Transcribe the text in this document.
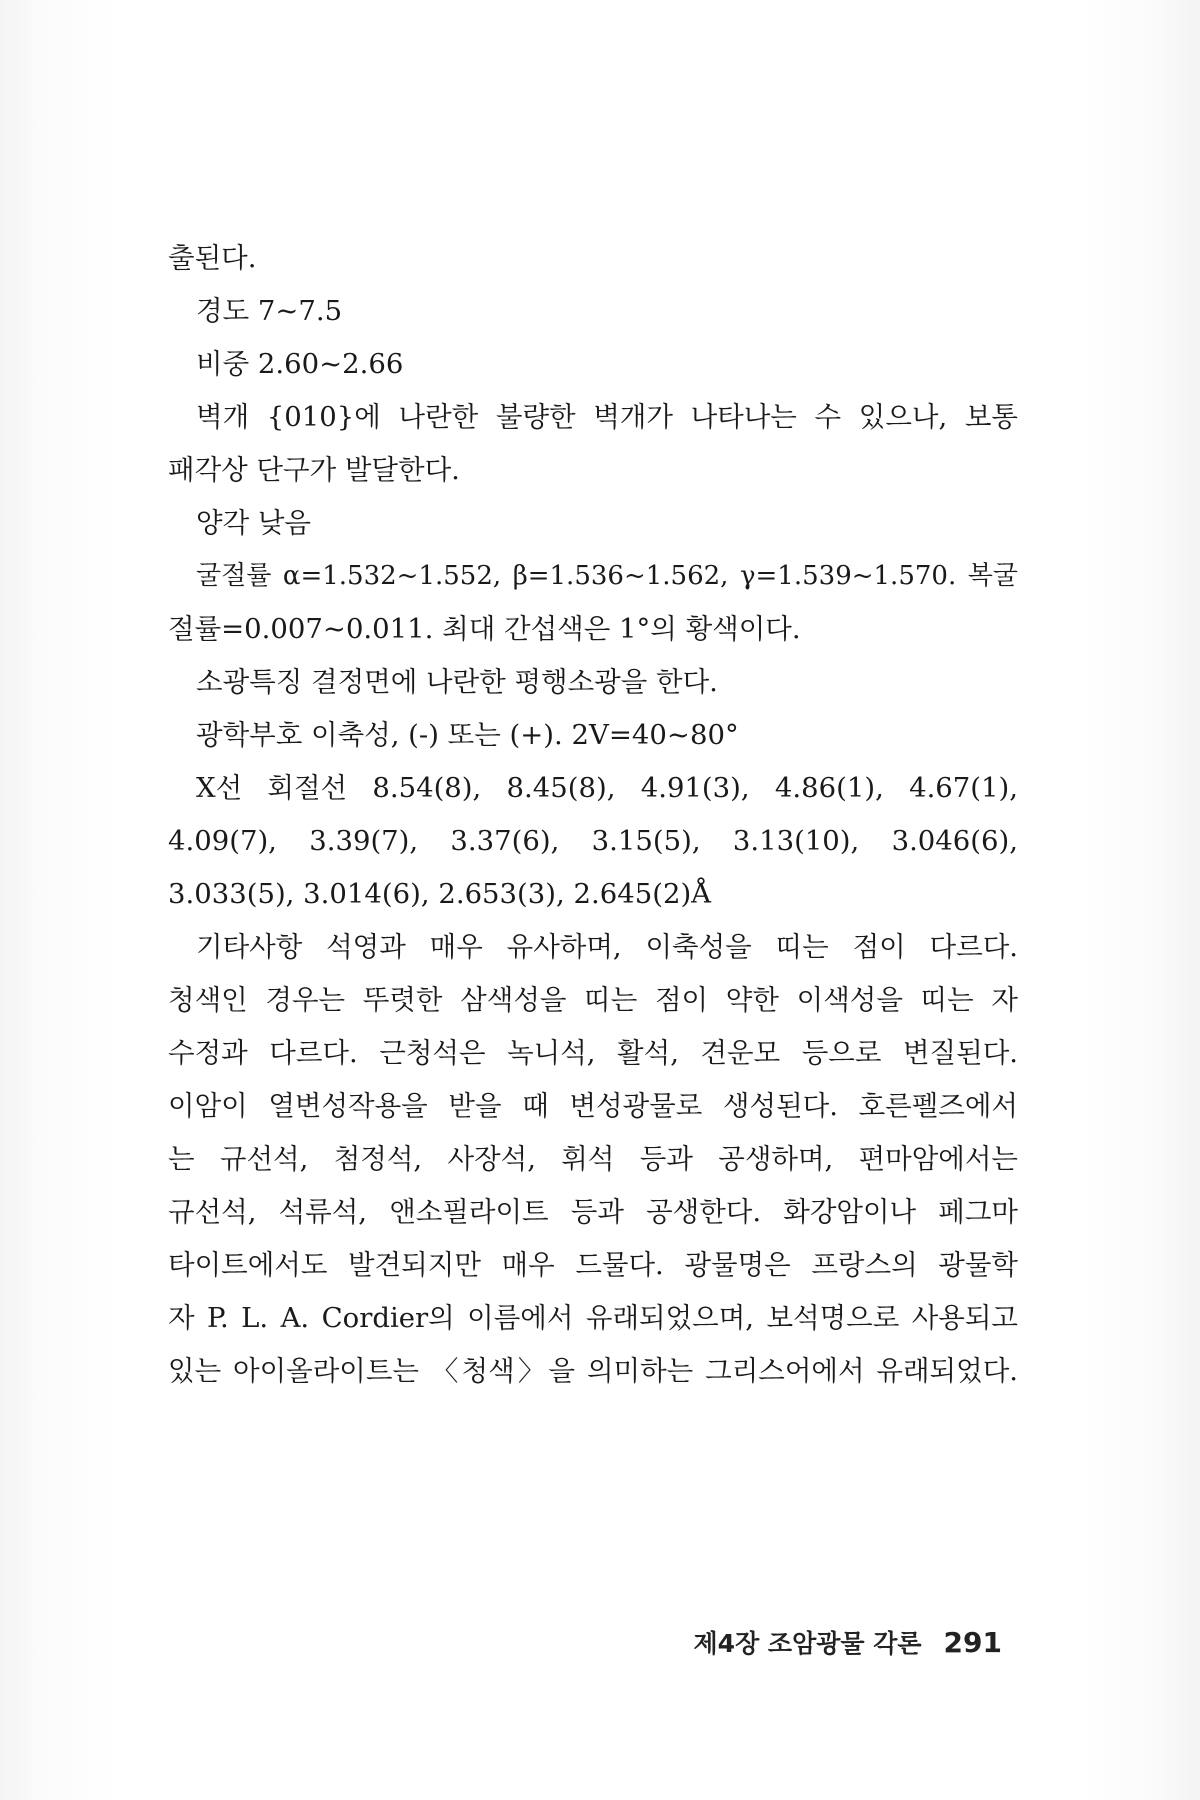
출된다.
경도 7~7.5
비중 2.60~2.66
벽개 {010}에 나란한 불량한 벽개가 나타나는 수 있으나, 보통
패각상 단구가 발달한다.
양각 낮음
굴절률 α=1.532~1.552, β=1.536~1.562, γ=1.539~1.570. 복굴
절률=0.007~0.011. 최대 간섭색은 1°의 황색이다.
소광특징 결정면에 나란한 평행소광을 한다.
광학부호 이축성, (-) 또는 (+). 2V=40~80°
X선 회절선 8.54(8), 8.45(8), 4.91(3), 4.86(1), 4.67(1),
4.09(7), 3.39(7), 3.37(6), 3.15(5), 3.13(10), 3.046(6),
3.033(5), 3.014(6), 2.653(3), 2.645(2)Å
기타사항 석영과 매우 유사하며, 이축성을 띠는 점이 다르다.
청색인 경우는 뚜렷한 삼색성을 띠는 점이 약한 이색성을 띠는 자
수정과 다르다. 근청석은 녹니석, 활석, 견운모 등으로 변질된다.
이암이 열변성작용을 받을 때 변성광물로 생성된다. 호른펠즈에서
는 규선석, 첨정석, 사장석, 휘석 등과 공생하며, 편마암에서는
규선석, 석류석, 앤소필라이트 등과 공생한다. 화강암이나 페그마
타이트에서도 발견되지만 매우 드물다. 광물명은 프랑스의 광물학
자 P. L. A. Cordier의 이름에서 유래되었으며, 보석명으로 사용되고
있는 아이올라이트는 〈청색〉을 의미하는 그리스어에서 유래되었다.
제4장 조암광물 각론 291
